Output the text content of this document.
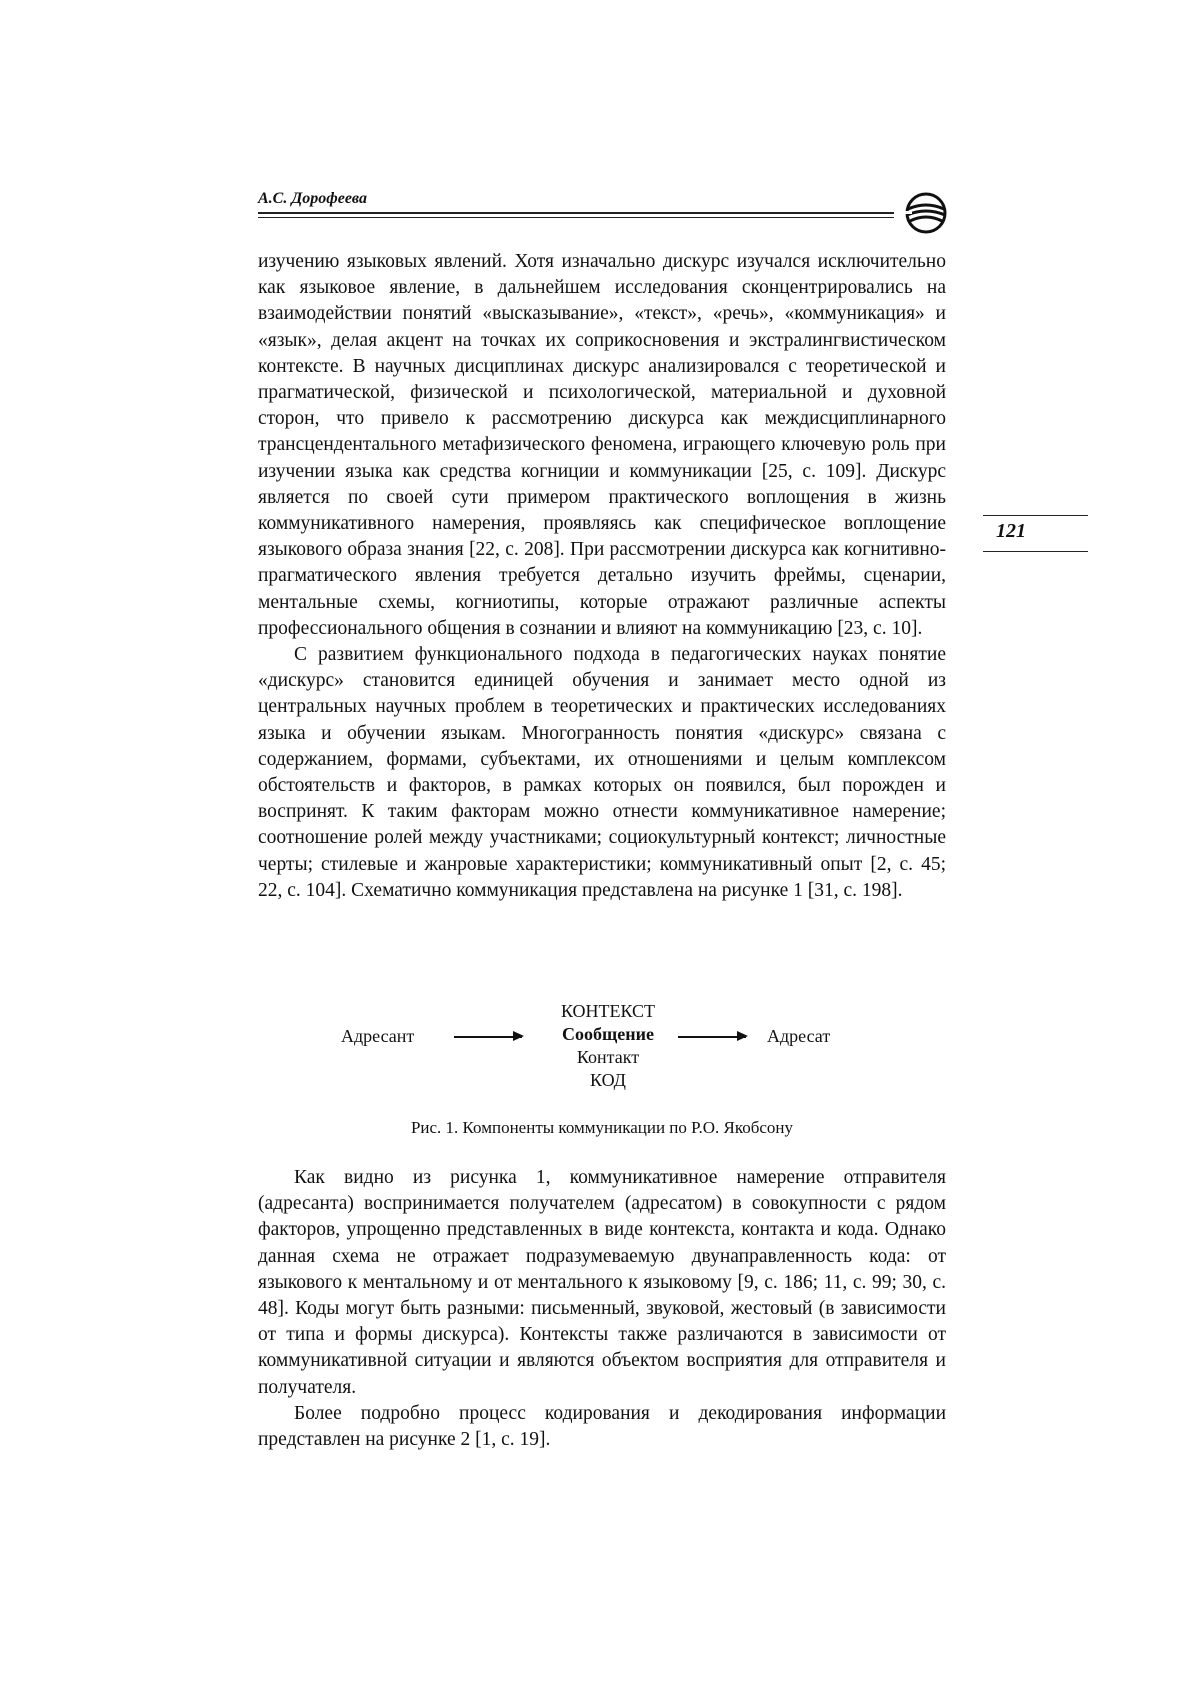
А.С. Дорофеева
121

изучению языковых явлений. Хотя изначально дискурс изучался исключительно как языковое явление, в дальнейшем исследования сконцентрировались на взаимодействии понятий «высказывание», «текст», «речь», «коммуникация» и «язык», делая акцент на точках их соприкосновения и экстралингвистическом контексте. В научных дисциплинах дискурс анализировался с теоретической и прагматической, физической и психологической, материальной и духовной сторон, что привело к рассмотрению дискурса как междисциплинарного трансцендентального метафизического феномена, играющего ключевую роль при изучении языка как средства когниции и коммуникации [25, с. 109]. Дискурс является по своей сути примером практического воплощения в жизнь коммуникативного намерения, проявляясь как специфическое воплощение языкового образа знания [22, с. 208]. При рассмотрении дискурса как когнитивно-прагматического явления требуется детально изучить фреймы, сценарии, ментальные схемы, когниотипы, которые отражают различные аспекты профессионального общения в сознании и влияют на коммуникацию [23, с. 10].

С развитием функционального подхода в педагогических науках понятие «дискурс» становится единицей обучения и занимает место одной из центральных научных проблем в теоретических и практических исследованиях языка и обучении языкам. Многогранность понятия «дискурс» связана с содержанием, формами, субъектами, их отношениями и целым комплексом обстоятельств и факторов, в рамках которых он появился, был порожден и воспринят. К таким факторам можно отнести коммуникативное намерение; соотношение ролей между участниками; социокультурный контекст; личностные черты; стилевые и жанровые характеристики; коммуникативный опыт [2, с. 45; 22, с. 104]. Схематично коммуникация представлена на рисунке 1 [31, с. 198].

Адресант
КОНТЕКСТ
Сообщение
Контакт
КОД
Адресат
Рис. 1. Компоненты коммуникации по Р.О. Якобсону

Как видно из рисунка 1, коммуникативное намерение отправителя (адресанта) воспринимается получателем (адресатом) в совокупности с рядом факторов, упрощенно представленных в виде контекста, контакта и кода. Однако данная схема не отражает подразумеваемую двунаправленность кода: от языкового к ментальному и от ментального к языковому [9, с. 186; 11, с. 99; 30, с. 48]. Коды могут быть разными: письменный, звуковой, жестовый (в зависимости от типа и формы дискурса). Контексты также различаются в зависимости от коммуникативной ситуации и являются объектом восприятия для отправителя и получателя.

Более подробно процесс кодирования и декодирования информации представлен на рисунке 2 [1, с. 19].
